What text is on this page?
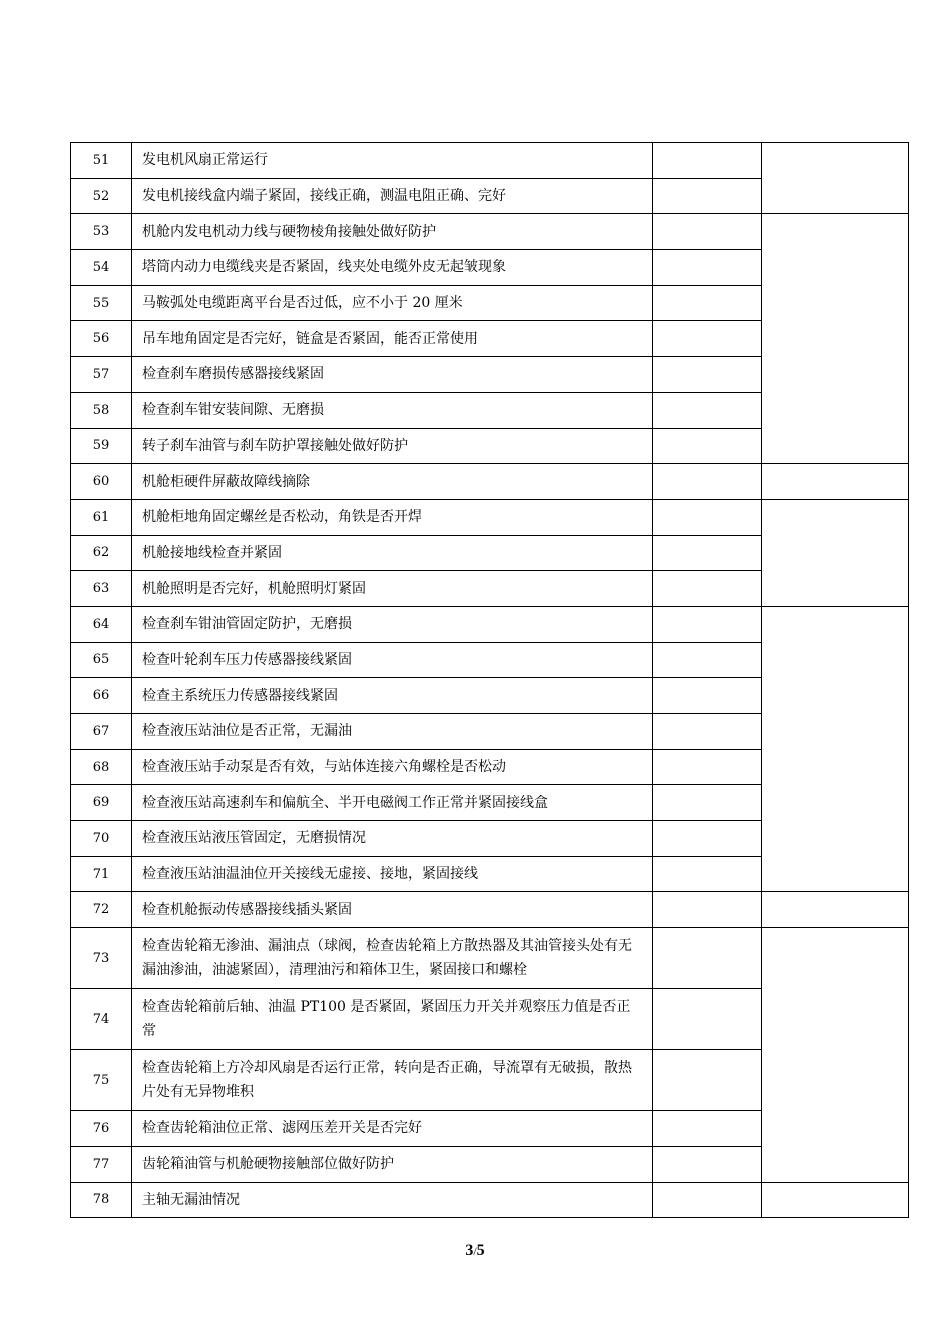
51	发电机风扇正常运行		
52	发电机接线盒内端子紧固，接线正确，测温电阻正确、完好		
53	机舱内发电机动力线与硬物棱角接触处做好防护		
54	塔筒内动力电缆线夹是否紧固，线夹处电缆外皮无起皱现象		
55	马鞍弧处电缆距离平台是否过低，应不小于 20 厘米		
56	吊车地角固定是否完好，链盒是否紧固，能否正常使用		
57	检查刹车磨损传感器接线紧固		
58	检查刹车钳安装间隙、无磨损		
59	转子刹车油管与刹车防护罩接触处做好防护		
60	机舱柜硬件屏蔽故障线摘除		
61	机舱柜地角固定螺丝是否松动，角铁是否开焊		
62	机舱接地线检查并紧固		
63	机舱照明是否完好，机舱照明灯紧固		
64	检查刹车钳油管固定防护，无磨损		
65	检查叶轮刹车压力传感器接线紧固		
66	检查主系统压力传感器接线紧固		
67	检查液压站油位是否正常，无漏油		
68	检查液压站手动泵是否有效，与站体连接六角螺栓是否松动		
69	检查液压站高速刹车和偏航全、半开电磁阀工作正常并紧固接线盒		
70	检查液压站液压管固定，无磨损情况		
71	检查液压站油温油位开关接线无虚接、接地，紧固接线		
72	检查机舱振动传感器接线插头紧固		
73	检查齿轮箱无渗油、漏油点（球阀，检查齿轮箱上方散热器及其油管接头处有无漏油渗油，油滤紧固），清理油污和箱体卫生，紧固接口和螺栓		
74	检查齿轮箱前后轴、油温 PT100 是否紧固，紧固压力开关并观察压力值是否正常		
75	检查齿轮箱上方冷却风扇是否运行正常，转向是否正确，导流罩有无破损，散热片处有无异物堆积		
76	检查齿轮箱油位正常、滤网压差开关是否完好		
77	齿轮箱油管与机舱硬物接触部位做好防护		
78	主轴无漏油情况		
3/5
